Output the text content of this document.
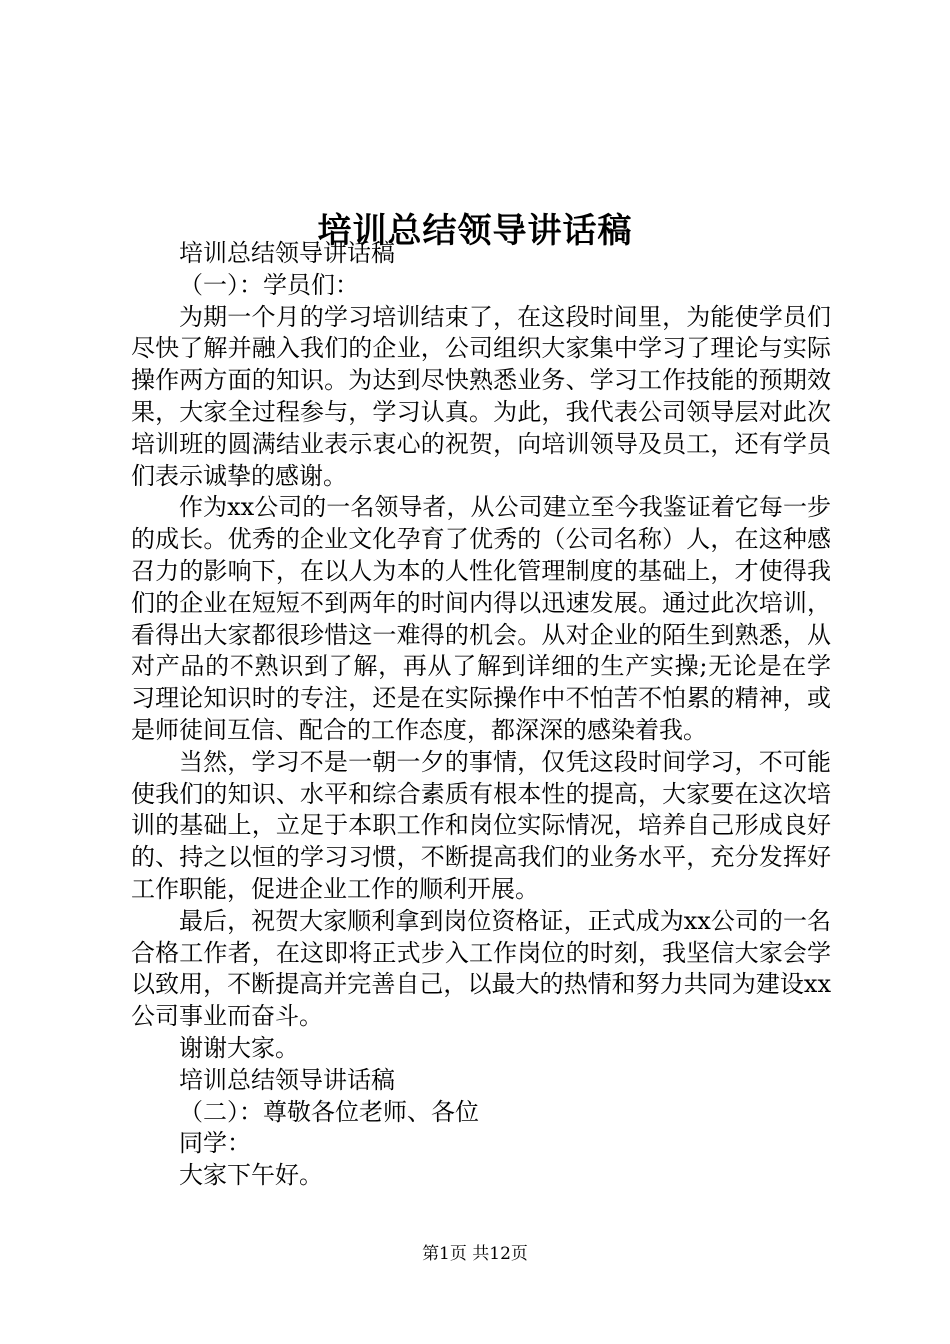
培训总结领导讲话稿

培训总结领导讲话稿

（一）：学员们：

为期一个月的学习培训结束了，在这段时间里，为能使学员们尽快了解并融入我们的企业，公司组织大家集中学习了理论与实际操作两方面的知识。为达到尽快熟悉业务、学习工作技能的预期效果，大家全过程参与，学习认真。为此，我代表公司领导层对此次培训班的圆满结业表示衷心的祝贺，向培训领导及员工，还有学员们表示诚挚的感谢。

作为xx公司的一名领导者，从公司建立至今我鉴证着它每一步的成长。优秀的企业文化孕育了优秀的（公司名称）人，在这种感召力的影响下，在以人为本的人性化管理制度的基础上，才使得我们的企业在短短不到两年的时间内得以迅速发展。通过此次培训，看得出大家都很珍惜这一难得的机会。从对企业的陌生到熟悉，从对产品的不熟识到了解，再从了解到详细的生产实操;无论是在学习理论知识时的专注，还是在实际操作中不怕苦不怕累的精神，或是师徒间互信、配合的工作态度，都深深的感染着我。

当然，学习不是一朝一夕的事情，仅凭这段时间学习，不可能使我们的知识、水平和综合素质有根本性的提高，大家要在这次培训的基础上，立足于本职工作和岗位实际情况，培养自己形成良好的、持之以恒的学习习惯，不断提高我们的业务水平，充分发挥好工作职能，促进企业工作的顺利开展。

最后，祝贺大家顺利拿到岗位资格证，正式成为xx公司的一名合格工作者，在这即将正式步入工作岗位的时刻，我坚信大家会学以致用，不断提高并完善自己，以最大的热情和努力共同为建设xx公司事业而奋斗。

谢谢大家。

培训总结领导讲话稿

（二）：尊敬各位老师、各位

同学：

大家下午好。

第1页 共12页
